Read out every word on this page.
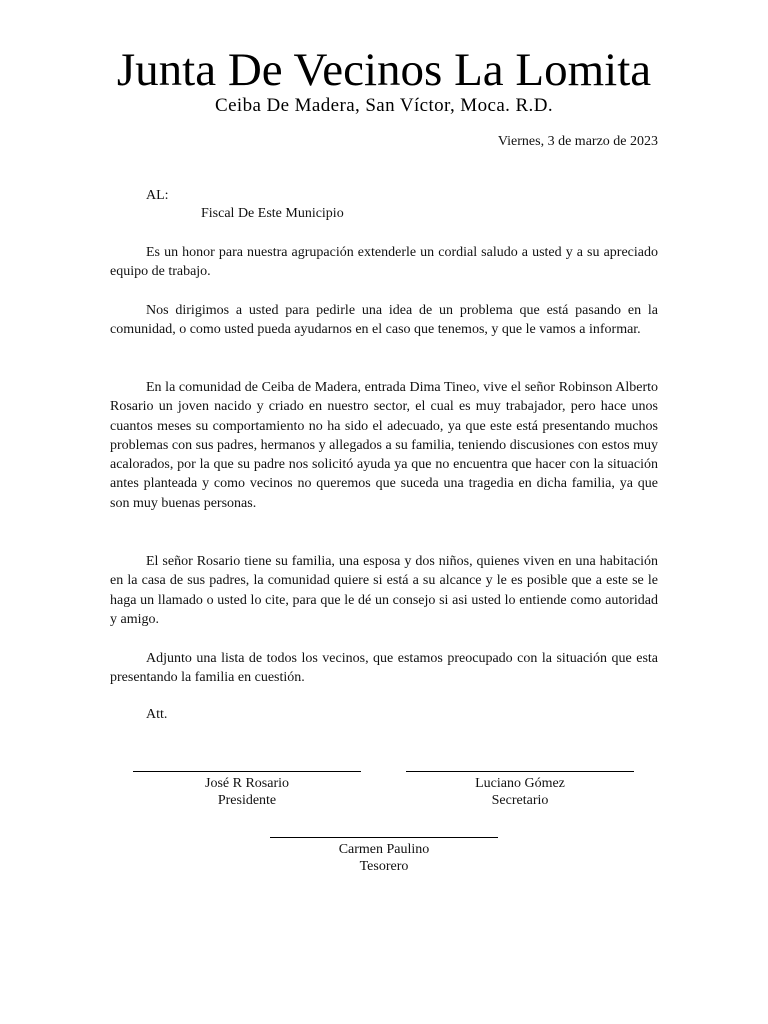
Junta De Vecinos La Lomita
Ceiba De Madera, San Víctor, Moca. R.D.
Viernes, 3 de marzo de 2023
AL:
Fiscal De Este Municipio

Es un honor para nuestra agrupación extenderle un cordial saludo a usted y a su apreciado equipo de trabajo.

Nos dirigimos a usted para pedirle una idea de un problema que está pasando en la comunidad, o como usted pueda ayudarnos en el caso que tenemos, y que le vamos a informar.

En la comunidad de Ceiba de Madera, entrada Dima Tineo, vive el señor Robinson Alberto Rosario un joven nacido y criado en nuestro sector, el cual es muy trabajador, pero hace unos cuantos meses su comportamiento no ha sido el adecuado, ya que este está presentando muchos problemas con sus padres, hermanos y allegados a su familia, teniendo discusiones con estos muy acalorados, por la que su padre nos solicitó ayuda ya que no encuentra que hacer con la situación antes planteada y como vecinos no queremos que suceda una tragedia en dicha familia, ya que son muy buenas personas.

El señor Rosario tiene su familia, una esposa y dos niños, quienes viven en una habitación en la casa de sus padres, la comunidad quiere si está a su alcance y le es posible que a este se le haga un llamado o usted lo cite, para que le dé un consejo si asi usted lo entiende como autoridad y amigo.

Adjunto una lista de todos los vecinos, que estamos preocupado con la situación que esta presentando la familia en cuestión.

Att.
José R Rosario
Presidente
Luciano Gómez
Secretario
Carmen Paulino
Tesorero
